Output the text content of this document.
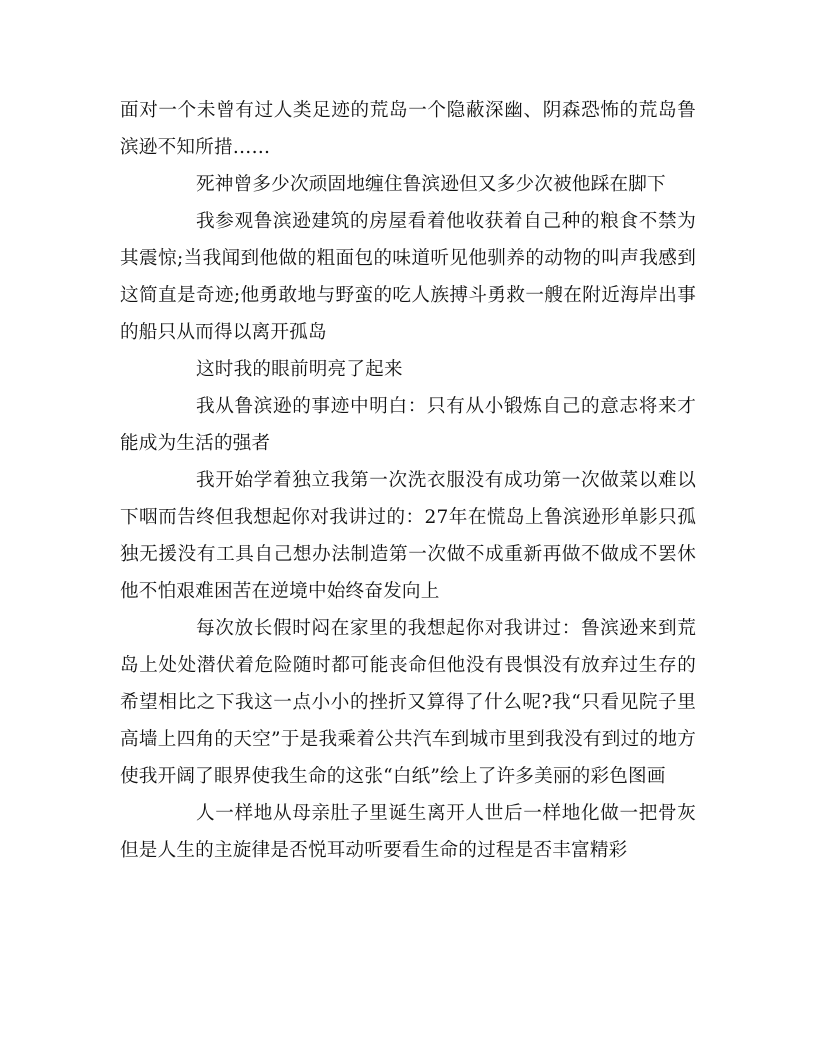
面对一个未曾有过人类足迹的荒岛一个隐蔽深幽、阴森恐怖的荒岛鲁滨逊不知所措……

死神曾多少次顽固地缠住鲁滨逊但又多少次被他踩在脚下

我参观鲁滨逊建筑的房屋看着他收获着自己种的粮食不禁为其震惊;当我闻到他做的粗面包的味道听见他驯养的动物的叫声我感到这简直是奇迹;他勇敢地与野蛮的吃人族搏斗勇救一艘在附近海岸出事的船只从而得以离开孤岛

这时我的眼前明亮了起来

我从鲁滨逊的事迹中明白：只有从小锻炼自己的意志将来才能成为生活的强者

我开始学着独立我第一次洗衣服没有成功第一次做菜以难以下咽而告终但我想起你对我讲过的：27年在慌岛上鲁滨逊形单影只孤独无援没有工具自己想办法制造第一次做不成重新再做不做成不罢休他不怕艰难困苦在逆境中始终奋发向上

每次放长假时闷在家里的我想起你对我讲过：鲁滨逊来到荒岛上处处潜伏着危险随时都可能丧命但他没有畏惧没有放弃过生存的希望相比之下我这一点小小的挫折又算得了什么呢?我“只看见院子里高墙上四角的天空”于是我乘着公共汽车到城市里到我没有到过的地方使我开阔了眼界使我生命的这张“白纸”绘上了许多美丽的彩色图画

人一样地从母亲肚子里诞生离开人世后一样地化做一把骨灰但是人生的主旋律是否悦耳动听要看生命的过程是否丰富精彩
